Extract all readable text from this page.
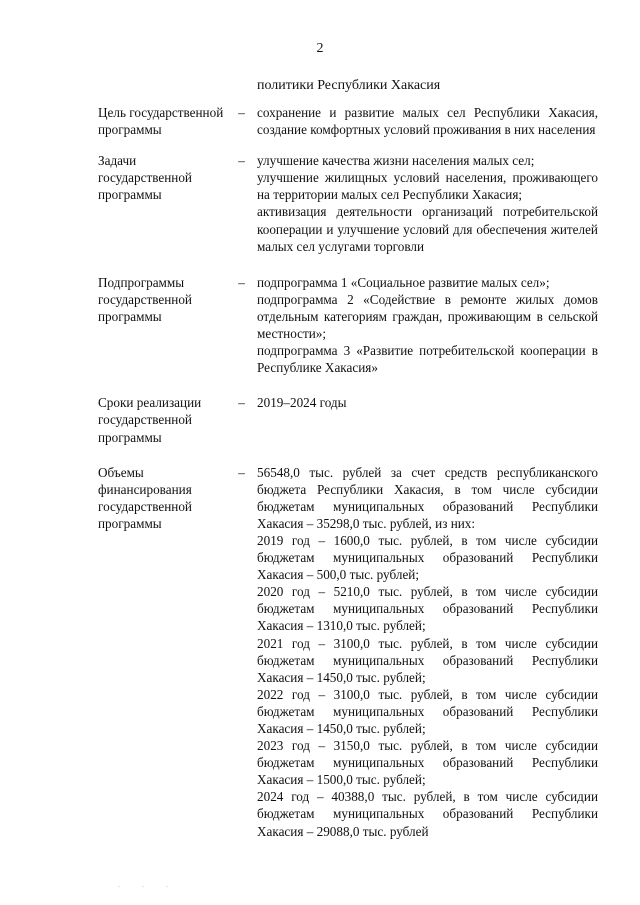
2
политики Республики Хакасия
Цель государственной программы
– сохранение и развитие малых сел Республики Хакасия, создание комфортных условий проживания в них населения

Задачи государственной программы
– улучшение качества жизни населения малых сел;

улучшение жилищных условий населения, проживающего на территории малых сел Республики Хакасия;

активизация деятельности организаций потребительской кооперации и улучшение условий для обеспечения жителей малых сел услугами торговли

Подпрограммы государственной программы
– подпрограмма 1 «Социальное развитие малых сел»;

подпрограмма 2 «Содействие в ремонте жилых домов отдельным категориям граждан, проживающим в сельской местности»;

подпрограмма 3 «Развитие потребительской кооперации в Республике Хакасия»

Сроки реализации государственной программы
– 2019–2024 годы

Объемы финансирования государственной программы
– 56548,0 тыс. рублей за счет средств республиканского бюджета Республики Хакасия, в том числе субсидии бюджетам муниципальных образований Республики Хакасия – 35298,0 тыс. рублей, из них:

2019 год – 1600,0 тыс. рублей, в том числе субсидии бюджетам муниципальных образований Республики Хакасия – 500,0 тыс. рублей;

2020 год – 5210,0 тыс. рублей, в том числе субсидии бюджетам муниципальных образований Республики Хакасия – 1310,0 тыс. рублей;

2021 год – 3100,0 тыс. рублей, в том числе субсидии бюджетам муниципальных образований Республики Хакасия – 1450,0 тыс. рублей;

2022 год – 3100,0 тыс. рублей, в том числе субсидии бюджетам муниципальных образований Республики Хакасия – 1450,0 тыс. рублей;

2023 год – 3150,0 тыс. рублей, в том числе субсидии бюджетам муниципальных образований Республики Хакасия – 1500,0 тыс. рублей;

2024 год – 40388,0 тыс. рублей, в том числе субсидии бюджетам муниципальных образований Республики Хакасия – 29088,0 тыс. рублей

. . .
